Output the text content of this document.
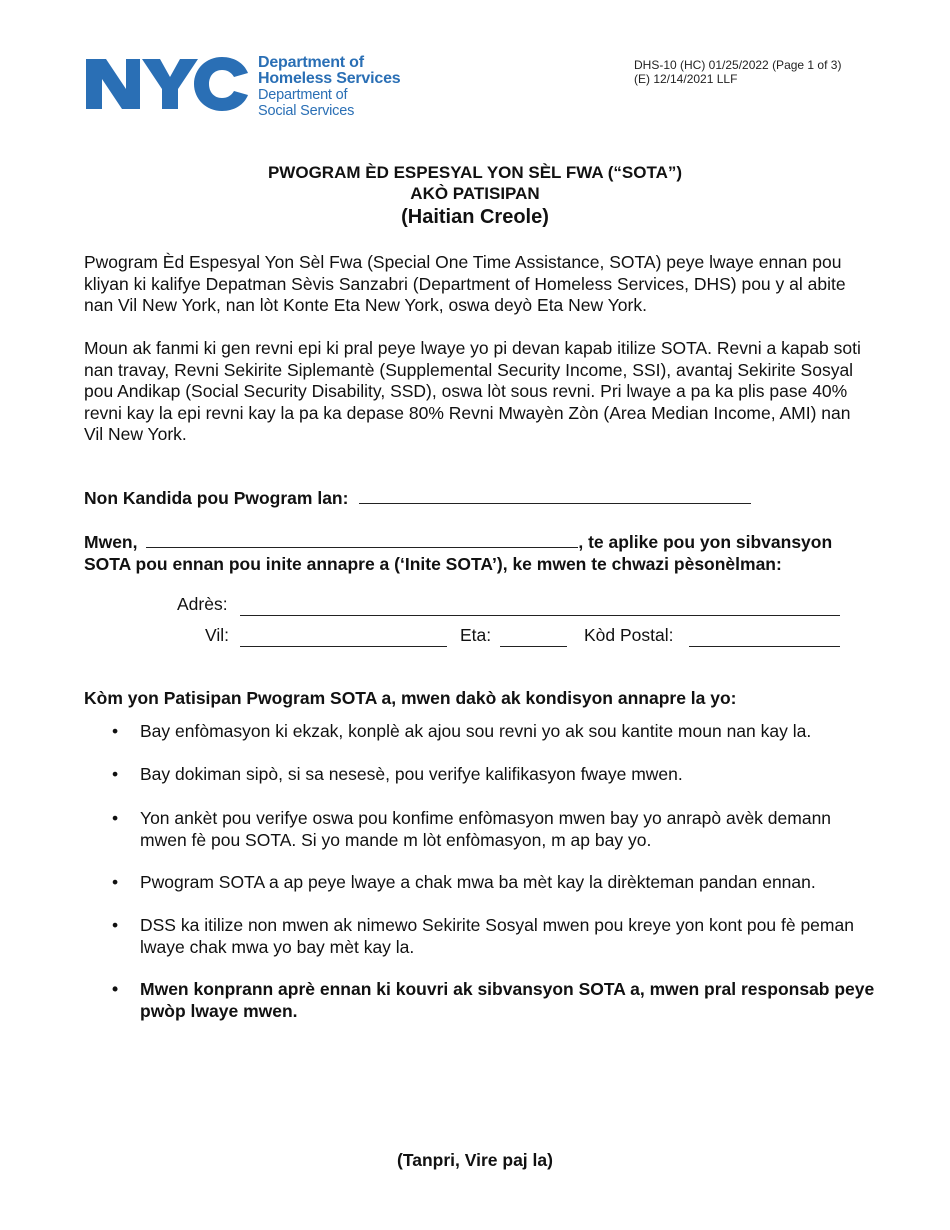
Department of
Homeless Services
Department of
Social Services
DHS-10 (HC) 01/25/2022 (Page 1 of 3)
(E) 12/14/2021 LLF
PWOGRAM ÈD ESPESYAL YON SÈL FWA (“SOTA”)
AKÒ PATISIPAN
(Haitian Creole)
Pwogram Èd Espesyal Yon Sèl Fwa (Special One Time Assistance, SOTA) peye lwaye ennan pou kliyan ki kalifye Depatman Sèvis Sanzabri (Department of Homeless Services, DHS) pou y al abite nan Vil New York, nan lòt Konte Eta New York, oswa deyò Eta New York.
Moun ak fanmi ki gen revni epi ki pral peye lwaye yo pi devan kapab itilize SOTA. Revni a kapab soti nan travay, Revni Sekirite Siplemantè (Supplemental Security Income, SSI), avantaj Sekirite Sosyal pou Andikap (Social Security Disability, SSD), oswa lòt sous revni. Pri lwaye a pa ka plis pase 40% revni kay la epi revni kay la pa ka depase 80% Revni Mwayèn Zòn (Area Median Income, AMI) nan Vil New York.
Non Kandida pou Pwogram lan:
Mwen,	, te aplike pou yon sibvansyon
SOTA pou ennan pou inite annapre a (‘Inite SOTA’), ke mwen te chwazi pèsonèlman:
Adrès:
Vil:	Eta:	Kòd Postal:
Kòm yon Patisipan Pwogram SOTA a, mwen dakò ak kondisyon annapre la yo:
• Bay enfòmasyon ki ekzak, konplè ak ajou sou revni yo ak sou kantite moun nan kay la.
• Bay dokiman sipò, si sa nesesè, pou verifye kalifikasyon fwaye mwen.
• Yon ankèt pou verifye oswa pou konfime enfòmasyon mwen bay yo anrapò avèk demann mwen fè pou SOTA. Si yo mande m lòt enfòmasyon, m ap bay yo.
• Pwogram SOTA a ap peye lwaye a chak mwa ba mèt kay la dirèkteman pandan ennan.
• DSS ka itilize non mwen ak nimewo Sekirite Sosyal mwen pou kreye yon kont pou fè peman lwaye chak mwa yo bay mèt kay la.
• Mwen konprann aprè ennan ki kouvri ak sibvansyon SOTA a, mwen pral responsab peye pwòp lwaye mwen.
(Tanpri, Vire paj la)
